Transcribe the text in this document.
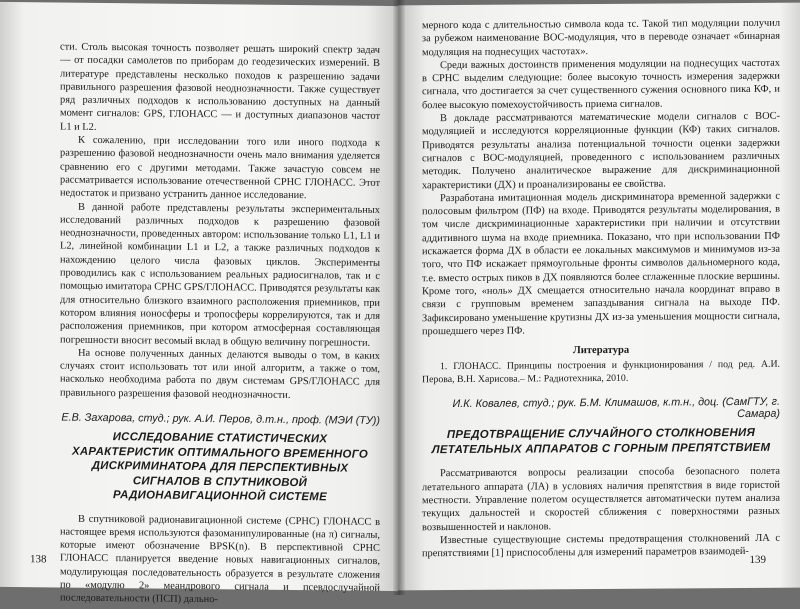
сти. Столь высокая точность позволяет решать широкий спектр задач — от посадки самолетов по приборам до геодезических измерений. В литературе представлены несколько походов к разрешению задачи правильного разрешения фазовой неоднозначности. Также существует ряд различных подходов к использованию доступных на данный момент сигналов: GPS, ГЛОНАСС — и доступных диапазонов частот L1 и L2.

К сожалению, при исследовании того или иного подхода к разрешению фазовой неоднозначности очень мало внимания уделяется сравнению его с другими методами. Также зачастую совсем не рассматривается использование отечественной СРНС ГЛОНАСС. Этот недостаток и призвано устранить данное исследование.

В данной работе представлены результаты экспериментальных исследований различных подходов к разрешению фазовой неоднозначности, проведенных автором: использование только L1, L1 и L2, линейной комбинации L1 и L2, а также различных подходов к нахождению целого числа фазовых циклов. Эксперименты проводились как с использованием реальных радиосигналов, так и с помощью имитатора СРНС GPS/ГЛОНАСС. Приводятся результаты как для относительно близкого взаимного расположения приемников, при котором влияния ионосферы и тропосферы коррелируются, так и для расположения приемников, при котором атмосферная составляющая погрешности вносит весомый вклад в общую величину погрешности.

На основе полученных данных делаются выводы о том, в каких случаях стоит использовать тот или иной алгоритм, а также о том, насколько необходима работа по двум системам GPS/ГЛОНАСС для правильного разрешения фазовой неоднозначности.

Е.В. Захарова, студ.; рук. А.И. Перов, д.т.н., проф. (МЭИ (ТУ))
ИССЛЕДОВАНИЕ СТАТИСТИЧЕСКИХ ХАРАКТЕРИСТИК ОПТИМАЛЬНОГО ВРЕМЕННОГО ДИСКРИМИНАТОРА ДЛЯ ПЕРСПЕКТИВНЫХ СИГНАЛОВ В СПУТНИКОВОЙ РАДИОНАВИГАЦИОННОЙ СИСТЕМЕ

В спутниковой радионавигационной системе (СРНС) ГЛОНАСС в настоящее время используются фазоманипулированные (на π) сигналы, которые имеют обозначение BPSK(n). В перспективной СРНС ГЛОНАСС планируется введение новых навигационных сигналов, модулирующая последовательность образуется в результате сложения по «модулю 2» меандрового сигнала и псевдослучайной последовательности (ПСП) дально-

138

мерного кода с длительностью символа кода τc. Такой тип модуляции получил за рубежом наименование BOC-модуляция, что в переводе означает «бинарная модуляция на поднесущих частотах».

Среди важных достоинств применения модуляции на поднесущих частотах в СРНС выделим следующие: более высокую точность измерения задержки сигнала, что достигается за счет существенного сужения основного пика КФ, и более высокую помехоустойчивость приема сигналов.

В докладе рассматриваются математические модели сигналов с BOC-модуляцией и исследуются корреляционные функции (КФ) таких сигналов. Приводятся результаты анализа потенциальной точности оценки задержки сигналов с BOC-модуляцией, проведенного с использованием различных методик. Получено аналитическое выражение для дискриминационной характеристики (ДХ) и проанализированы ее свойства.

Разработана имитационная модель дискриминатора временной задержки с полосовым фильтром (ПФ) на входе. Приводятся результаты моделирования, в том числе дискриминационные характеристики при наличии и отсутствии аддитивного шума на входе приемника. Показано, что при использовании ПФ искажается форма ДХ в области ее локальных максимумов и минимумов из-за того, что ПФ искажает прямоугольные фронты символов дальномерного кода, т.е. вместо острых пиков в ДХ появляются более сглаженные плоские вершины. Кроме того, «ноль» ДХ смещается относительно начала координат вправо в связи с групповым временем запаздывания сигнала на выходе ПФ. Зафиксировано уменьшение крутизны ДХ из-за уменьшения мощности сигнала, прошедшего через ПФ.

Литература

1. ГЛОНАСС. Принципы построения и функционирования / под ред. А.И. Перова, В.Н. Харисова.– М.: Радиотехника, 2010.

И.К. Ковалев, студ.; рук. Б.М. Климашов, к.т.н., доц. (СамГТУ, г. Самара)
ПРЕДОТВРАЩЕНИЕ СЛУЧАЙНОГО СТОЛКНОВЕНИЯ ЛЕТАТЕЛЬНЫХ АППАРАТОВ С ГОРНЫМ ПРЕПЯТСТВИЕМ

Рассматриваются вопросы реализации способа безопасного полета летательного аппарата (ЛА) в условиях наличия препятствия в виде гористой местности. Управление полетом осуществляется автоматически путем анализа текущих дальностей и скоростей сближения с поверхностями разных возвышенностей и наклонов.

Известные существующие системы предотвращения столкновений ЛА с препятствиями [1] приспособлены для измерений параметров взаимодей-

139
